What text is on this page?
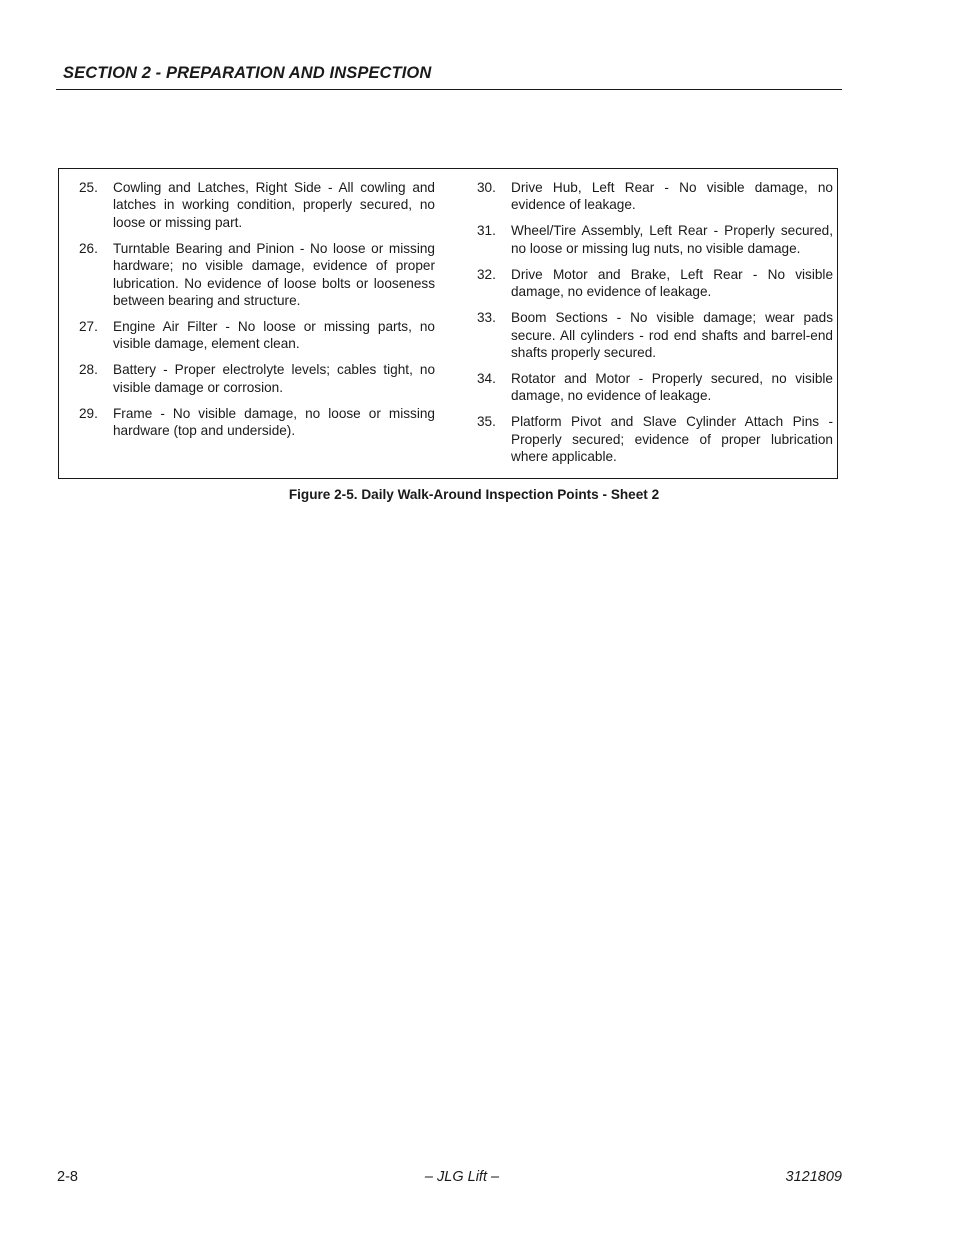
SECTION 2 - PREPARATION AND INSPECTION
25. Cowling and Latches, Right Side - All cowling and latches in working condition, properly secured, no loose or missing part.
26. Turntable Bearing and Pinion - No loose or missing hardware; no visible damage, evidence of proper lubrication. No evidence of loose bolts or looseness between bearing and structure.
27. Engine Air Filter - No loose or missing parts, no visible damage, element clean.
28. Battery - Proper electrolyte levels; cables tight, no visible damage or corrosion.
29. Frame - No visible damage, no loose or missing hardware (top and underside).
30. Drive Hub, Left Rear - No visible damage, no evidence of leakage.
31. Wheel/Tire Assembly, Left Rear - Properly secured, no loose or missing lug nuts, no visible damage.
32. Drive Motor and Brake, Left Rear - No visible damage, no evidence of leakage.
33. Boom Sections - No visible damage; wear pads secure. All cylinders - rod end shafts and barrel-end shafts properly secured.
34. Rotator and Motor - Properly secured, no visible damage, no evidence of leakage.
35. Platform Pivot and Slave Cylinder Attach Pins - Properly secured; evidence of proper lubrication where applicable.
Figure 2-5. Daily Walk-Around Inspection Points - Sheet 2
2-8	– JLG Lift –	3121809
